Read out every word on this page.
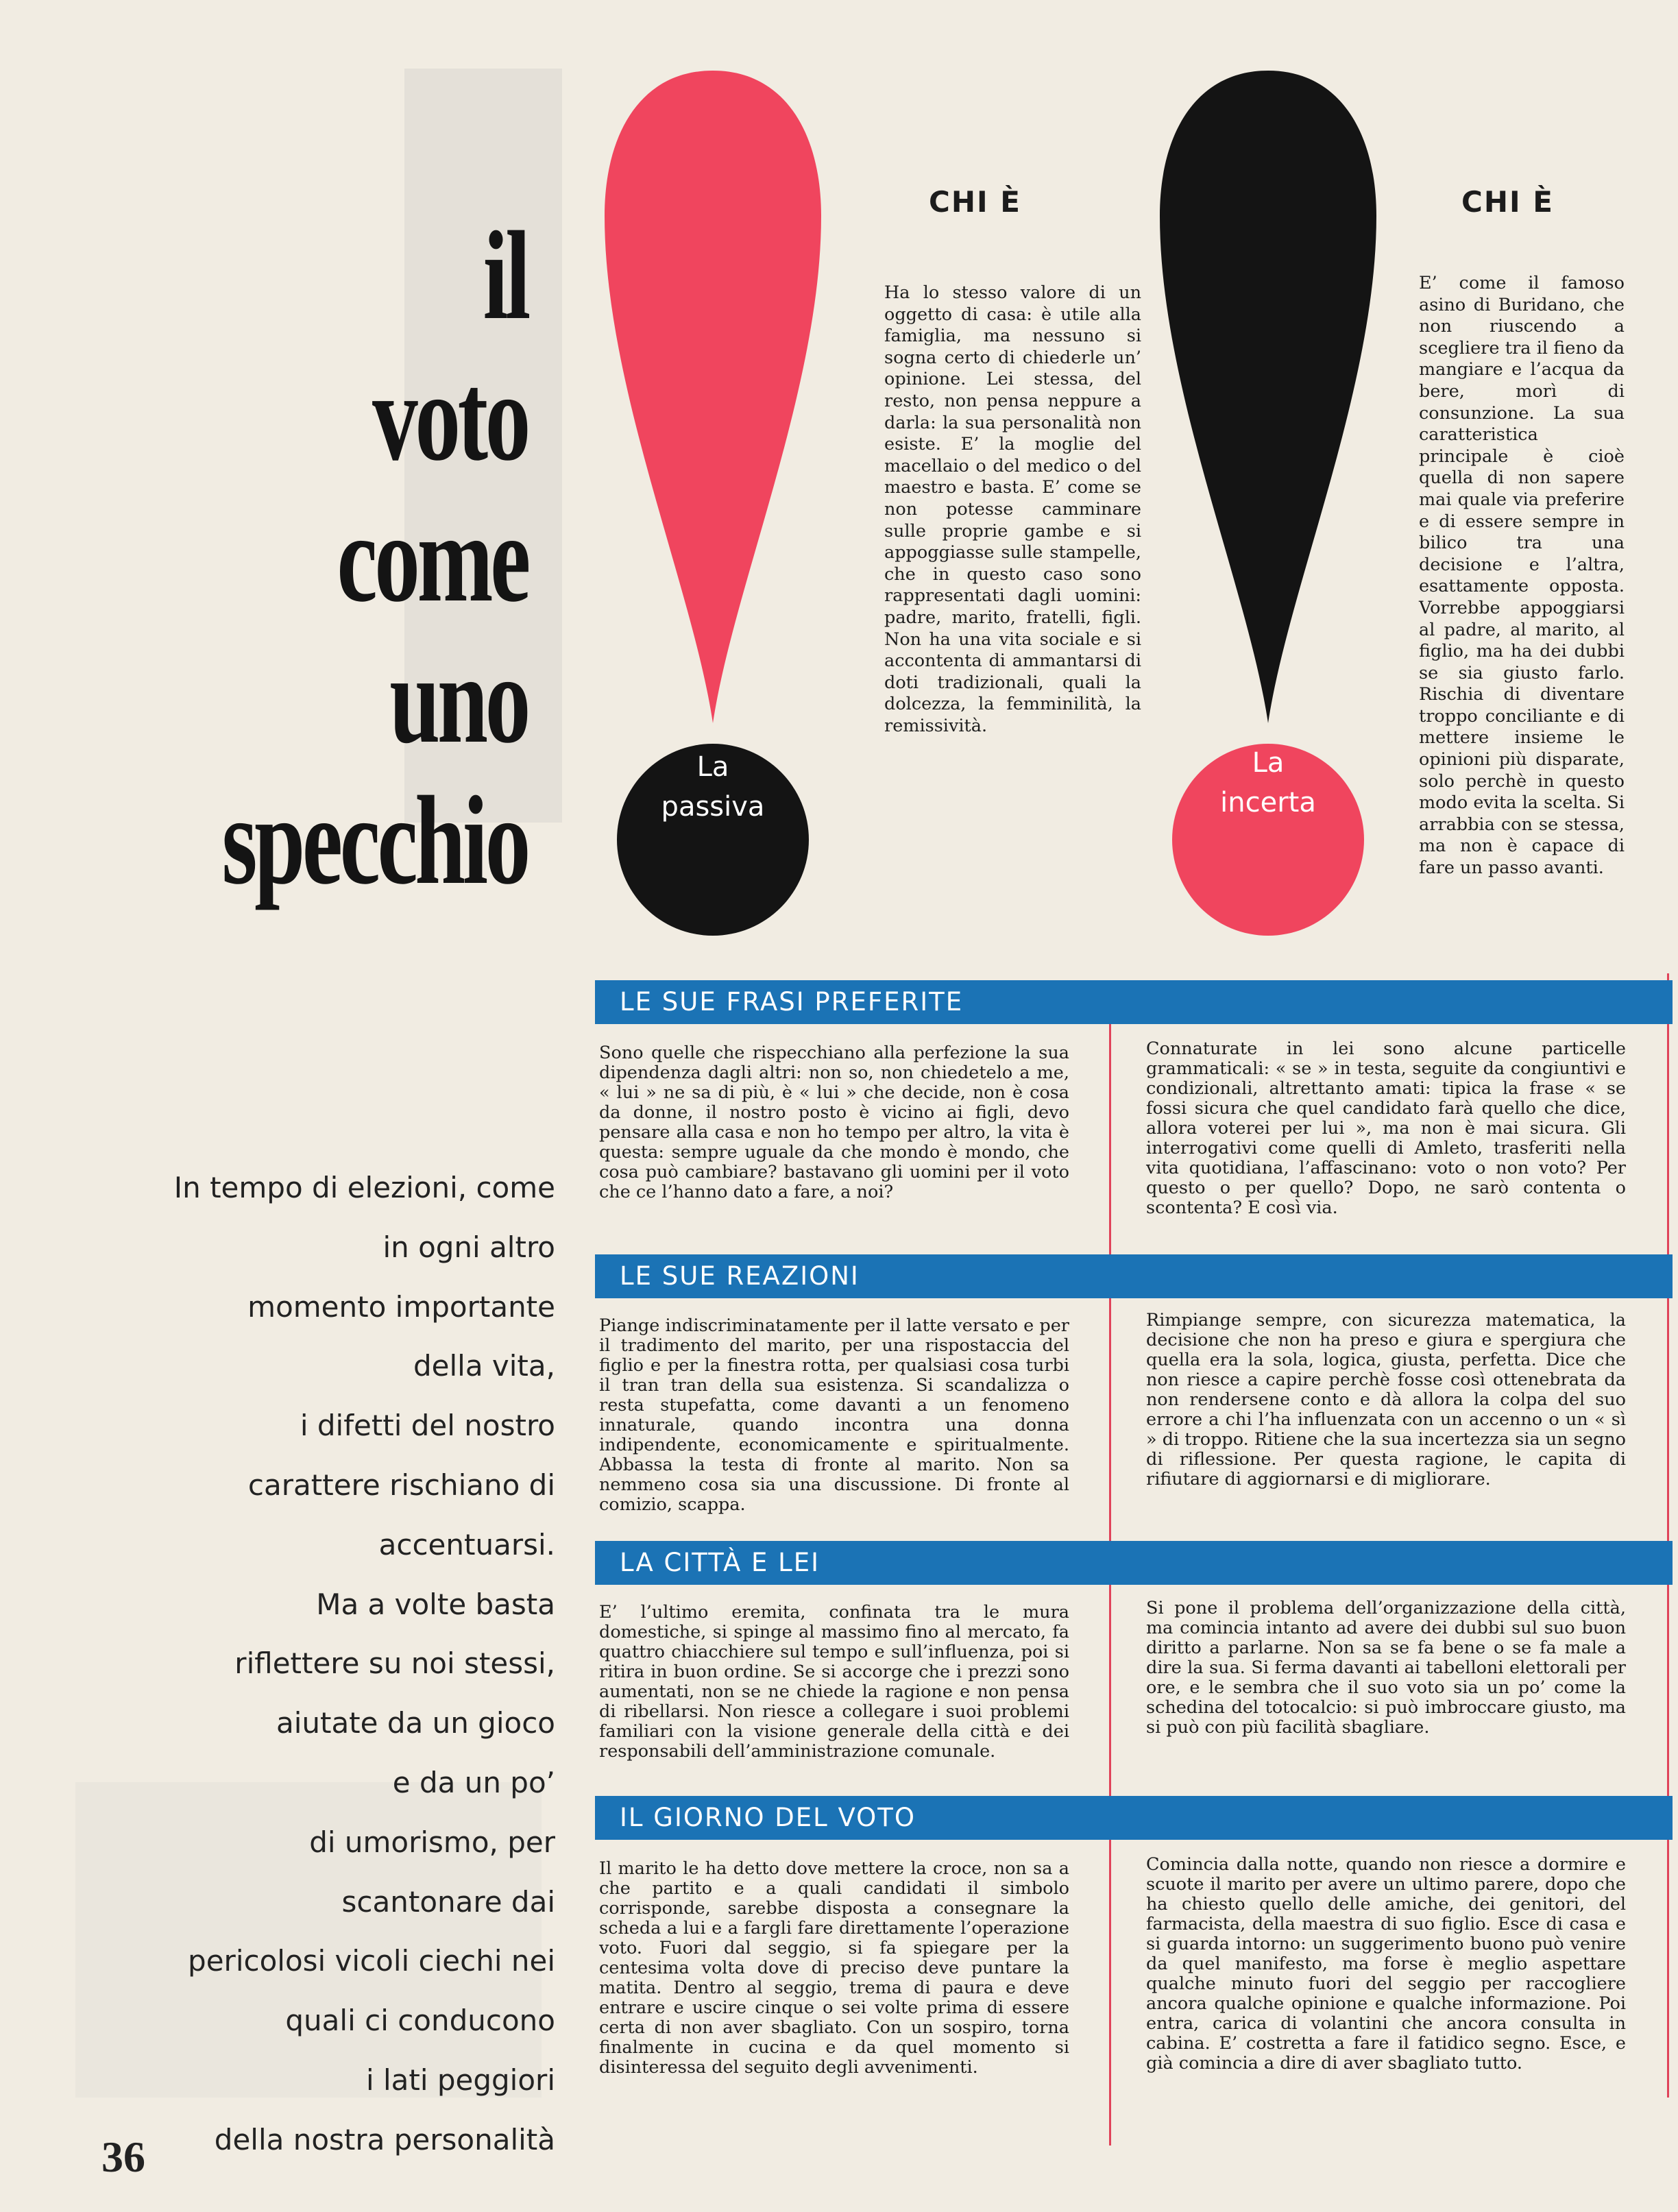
il
voto
come
uno
specchio
In tempo di elezioni, come
in ogni altro
momento importante
della vita,
i difetti del nostro
carattere rischiano di
accentuarsi.
Ma a volte basta
riflettere su noi stessi,
aiutate da un gioco
e da un po’
di umorismo, per
scantonare dai
pericolosi vicoli ciechi nei
quali ci conducono
i lati peggiori
della nostra personalità
36
La
passiva
La
incerta
CHI È	CHI È
Ha lo stesso valore di un oggetto di casa: è utile alla famiglia, ma nessuno si sogna certo di chiederle un’ opinione. Lei stessa, del resto, non pensa neppure a darla: la sua personalità non esiste. E’ la moglie del macellaio o del medico o del maestro e basta. E’ come se non potesse camminare sulle proprie gambe e si appoggiasse sulle stampelle, che in questo caso sono rappresentati dagli uomini: padre, marito, fratelli, figli. Non ha una vita sociale e si accontenta di ammantarsi di doti tradizionali, quali la dolcezza, la femminilità, la remissività.
E’ come il famoso asino di Buridano, che non riuscendo a scegliere tra il fieno da mangiare e l’acqua da bere, morì di consunzione. La sua caratteristica principale è cioè quella di non sapere mai quale via preferire e di essere sempre in bilico tra una decisione e l’altra, esattamente opposta. Vorrebbe appoggiarsi al padre, al marito, al figlio, ma ha dei dubbi se sia giusto farlo. Rischia di diventare troppo conciliante e di mettere insieme le opinioni più disparate, solo perchè in questo modo evita la scelta. Si arrabbia con se stessa, ma non è capace di fare un passo avanti.
LE SUE FRASI PREFERITE
Sono quelle che rispecchiano alla perfezione la sua dipendenza dagli altri: non so, non chiedetelo a me, « lui » ne sa di più, è « lui » che decide, non è cosa da donne, il nostro posto è vicino ai figli, devo pensare alla casa e non ho tempo per altro, la vita è questa: sempre uguale da che mondo è mondo, che cosa può cambiare? bastavano gli uomini per il voto che ce l’hanno dato a fare, a noi?
Connaturate in lei sono alcune particelle grammaticali: « se » in testa, seguite da congiuntivi e condizionali, altrettanto amati: tipica la frase « se fossi sicura che quel candidato farà quello che dice, allora voterei per lui », ma non è mai sicura. Gli interrogativi come quelli di Amleto, trasferiti nella vita quotidiana, l’affascinano: voto o non voto? Per questo o per quello? Dopo, ne sarò contenta o scontenta? E così via.
LE SUE REAZIONI
Piange indiscriminatamente per il latte versato e per il tradimento del marito, per una rispostaccia del figlio e per la finestra rotta, per qualsiasi cosa turbi il tran tran della sua esistenza. Si scandalizza o resta stupefatta, come davanti a un fenomeno innaturale, quando incontra una donna indipendente, economicamente e spiritualmente. Abbassa la testa di fronte al marito. Non sa nemmeno cosa sia una discussione. Di fronte al comizio, scappa.
Rimpiange sempre, con sicurezza matematica, la decisione che non ha preso e giura e spergiura che quella era la sola, logica, giusta, perfetta. Dice che non riesce a capire perchè fosse così ottenebrata da non rendersene conto e dà allora la colpa del suo errore a chi l’ha influenzata con un accenno o un « sì » di troppo. Ritiene che la sua incertezza sia un segno di riflessione. Per questa ragione, le capita di rifiutare di aggiornarsi e di migliorare.
LA CITTÀ E LEI
E’ l’ultimo eremita, confinata tra le mura domestiche, si spinge al massimo fino al mercato, fa quattro chiacchiere sul tempo e sull’influenza, poi si ritira in buon ordine. Se si accorge che i prezzi sono aumentati, non se ne chiede la ragione e non pensa di ribellarsi. Non riesce a collegare i suoi problemi familiari con la visione generale della città e dei responsabili dell’amministrazione comunale.
Si pone il problema dell’organizzazione della città, ma comincia intanto ad avere dei dubbi sul suo buon diritto a parlarne. Non sa se fa bene o se fa male a dire la sua. Si ferma davanti ai tabelloni elettorali per ore, e le sembra che il suo voto sia un po’ come la schedina del totocalcio: si può imbroccare giusto, ma si può con più facilità sbagliare.
IL GIORNO DEL VOTO
Il marito le ha detto dove mettere la croce, non sa a che partito e a quali candidati il simbolo corrisponde, sarebbe disposta a consegnare la scheda a lui e a fargli fare direttamente l’operazione voto. Fuori dal seggio, si fa spiegare per la centesima volta dove di preciso deve puntare la matita. Dentro al seggio, trema di paura e deve entrare e uscire cinque o sei volte prima di essere certa di non aver sbagliato. Con un sospiro, torna finalmente in cucina e da quel momento si disinteressa del seguito degli avvenimenti.
Comincia dalla notte, quando non riesce a dormire e scuote il marito per avere un ultimo parere, dopo che ha chiesto quello delle amiche, dei genitori, del farmacista, della maestra di suo figlio. Esce di casa e si guarda intorno: un suggerimento buono può venire da quel manifesto, ma forse è meglio aspettare qualche minuto fuori del seggio per raccogliere ancora qualche opinione e qualche informazione. Poi entra, carica di volantini che ancora consulta in cabina. E’ costretta a fare il fatidico segno. Esce, e già comincia a dire di aver sbagliato tutto.
